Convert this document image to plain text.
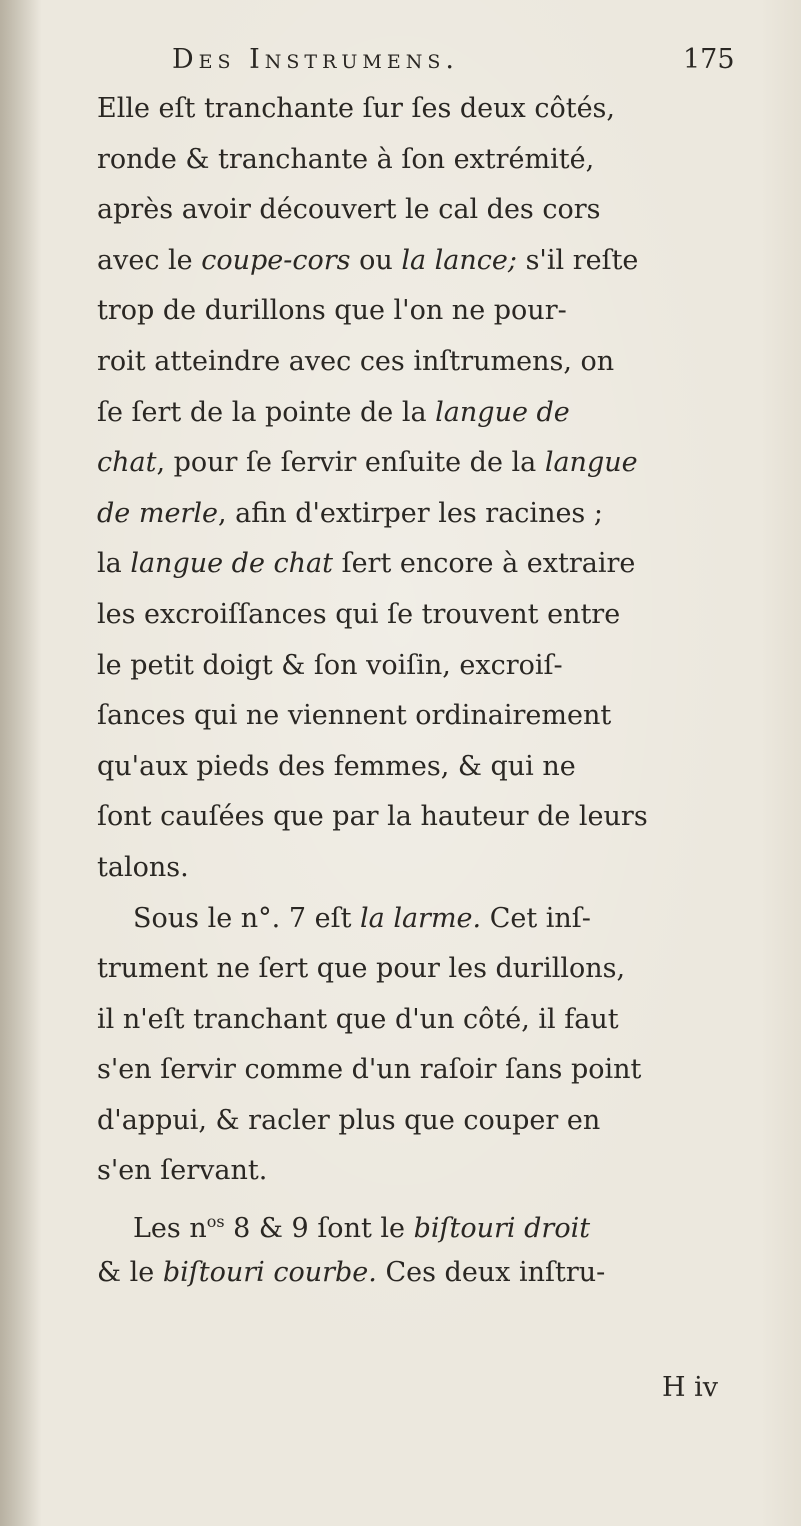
Des Instrumens.	175
Elle eſt tranchante ſur ſes deux côtés,
ronde & tranchante à ſon extrémité,
après avoir découvert le cal des cors
avec le coupe-cors ou la lance; s'il reſte
trop de durillons que l'on ne pour-
roit atteindre avec ces inſtrumens, on
ſe ſert de la pointe de la langue de
chat, pour ſe ſervir enſuite de la langue
de merle, afin d'extirper les racines ;
la langue de chat ſert encore à extraire
les excroiſſances qui ſe trouvent entre
le petit doigt & ſon voiſin, excroiſ-
ſances qui ne viennent ordinairement
qu'aux pieds des femmes, & qui ne
ſont cauſées que par la hauteur de leurs
talons.
Sous le n°. 7 eſt la larme. Cet inſ-
trument ne ſert que pour les durillons,
il n'eſt tranchant que d'un côté, il faut
s'en ſervir comme d'un raſoir ſans point
d'appui, & racler plus que couper en
s'en ſervant.
Les $n^{os}$ 8 & 9 ſont le biſtouri droit
& le biſtouri courbe. Ces deux inſtru-
H iv
